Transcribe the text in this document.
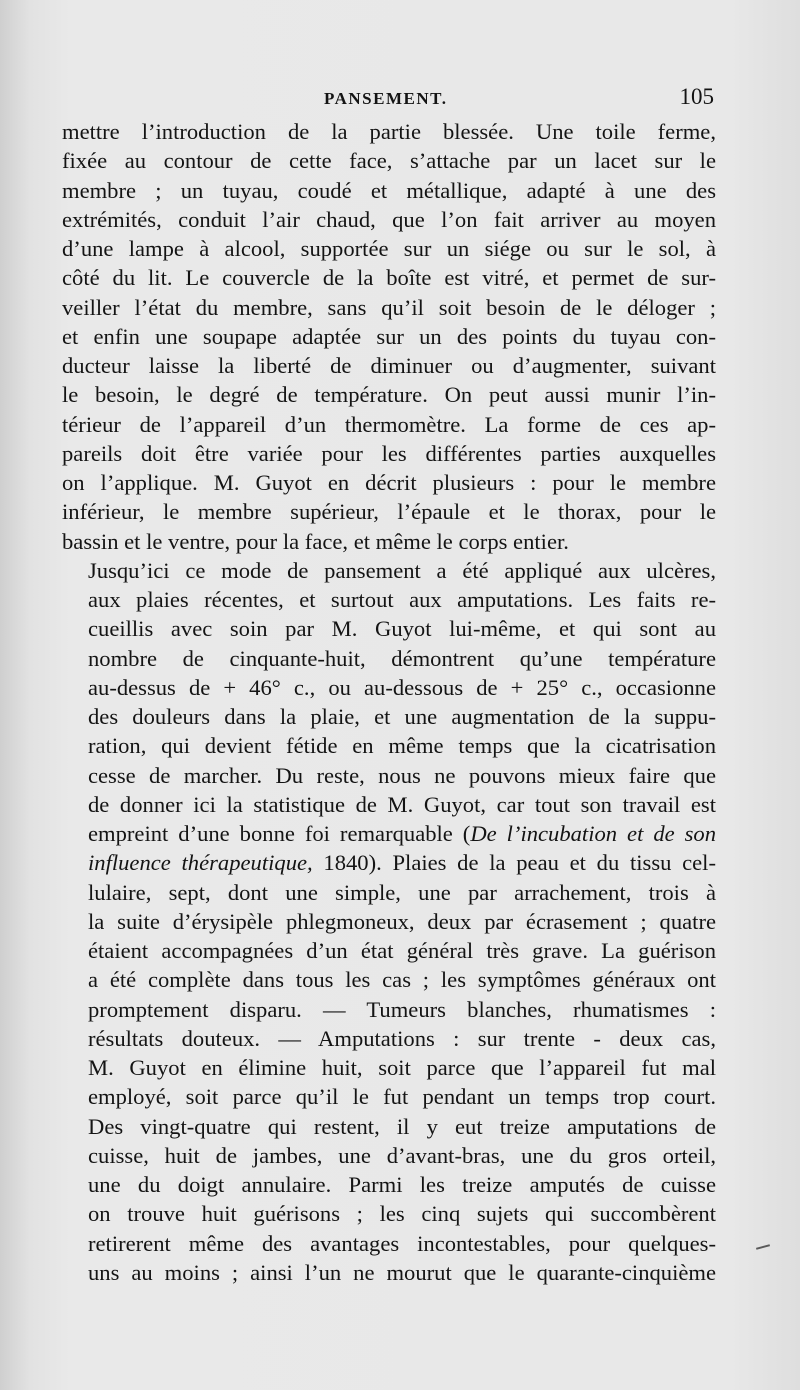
PANSEMENT.	105

mettre l’introduction de la partie blessée. Une toile ferme,
fixée au contour de cette face, s’attache par un lacet sur le
membre ; un tuyau, coudé et métallique, adapté à une des
extrémités, conduit l’air chaud, que l’on fait arriver au moyen
d’une lampe à alcool, supportée sur un siége ou sur le sol, à
côté du lit. Le couvercle de la boîte est vitré, et permet de sur-
veiller l’état du membre, sans qu’il soit besoin de le déloger ;
et enfin une soupape adaptée sur un des points du tuyau con-
ducteur laisse la liberté de diminuer ou d’augmenter, suivant
le besoin, le degré de température. On peut aussi munir l’in-
térieur de l’appareil d’un thermomètre. La forme de ces ap-
pareils doit être variée pour les différentes parties auxquelles
on l’applique. M. Guyot en décrit plusieurs : pour le membre
inférieur, le membre supérieur, l’épaule et le thorax, pour le
bassin et le ventre, pour la face, et même le corps entier.

Jusqu’ici ce mode de pansement a été appliqué aux ulcères,
aux plaies récentes, et surtout aux amputations. Les faits re-
cueillis avec soin par M. Guyot lui-même, et qui sont au
nombre de cinquante-huit, démontrent qu’une température
au-dessus de + 46° c., ou au-dessous de + 25° c., occasionne
des douleurs dans la plaie, et une augmentation de la suppu-
ration, qui devient fétide en même temps que la cicatrisation
cesse de marcher. Du reste, nous ne pouvons mieux faire que
de donner ici la statistique de M. Guyot, car tout son travail est
empreint d’une bonne foi remarquable (De l’incubation et de son
influence thérapeutique, 1840). Plaies de la peau et du tissu cel-
lulaire, sept, dont une simple, une par arrachement, trois à
la suite d’érysipèle phlegmoneux, deux par écrasement ; quatre
étaient accompagnées d’un état général très grave. La guérison
a été complète dans tous les cas ; les symptômes généraux ont
promptement disparu. — Tumeurs blanches, rhumatismes :
résultats douteux. — Amputations : sur trente - deux cas,
M. Guyot en élimine huit, soit parce que l’appareil fut mal
employé, soit parce qu’il le fut pendant un temps trop court.
Des vingt-quatre qui restent, il y eut treize amputations de
cuisse, huit de jambes, une d’avant-bras, une du gros orteil,
une du doigt annulaire. Parmi les treize amputés de cuisse
on trouve huit guérisons ; les cinq sujets qui succombèrent
retirerent même des avantages incontestables, pour quelques-
uns au moins ; ainsi l’un ne mourut que le quarante-cinquième
